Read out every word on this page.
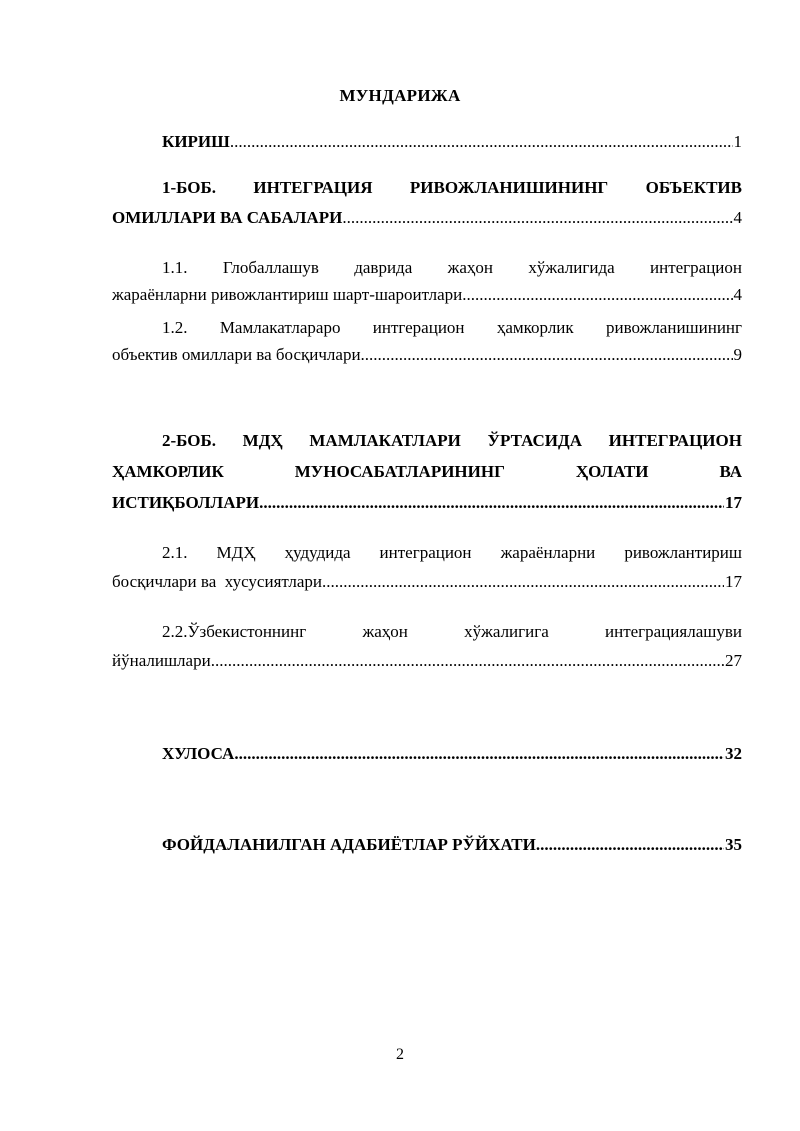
МУНДАРИЖА
КИРИШ .....	1
1-БОБ. ИНТЕГРАЦИЯ РИВОЖЛАНИШИНИНГ ОБЪЕКТИВ
ОМИЛЛАРИ ВА САБАЛАРИ .....	4
1.1. Глобаллашув даврида жаҳон хўжалигида интеграцион
жараёнларни ривожлантириш шарт-шароитлари .....	4
1.2. Мамлакатлараро интгерацион ҳамкорлик ривожланишининг
объектив омиллари ва босқичлари .....	9
2-БОБ. МДҲ МАМЛАКАТЛАРИ ЎРТАСИДА ИНТЕГРАЦИОН
ҲАМКОРЛИК	МУНОСАБАТЛАРИНИНГ	ҲОЛАТИ	ВА
ИСТИҚБОЛЛАРИ .....	17
2.1. МДҲ ҳудудида интеграцион жараёнларни ривожлантириш
босқичлари ва  хусусиятлари .....	17
2.2.Ўзбекистоннинг	жаҳон	хўжалигига	интеграциялашуви
йўналишлари .....	27
ХУЛОСА .....	32
ФОЙДАЛАНИЛГАН АДАБИЁТЛАР РЎЙХАТИ .....	35
2
